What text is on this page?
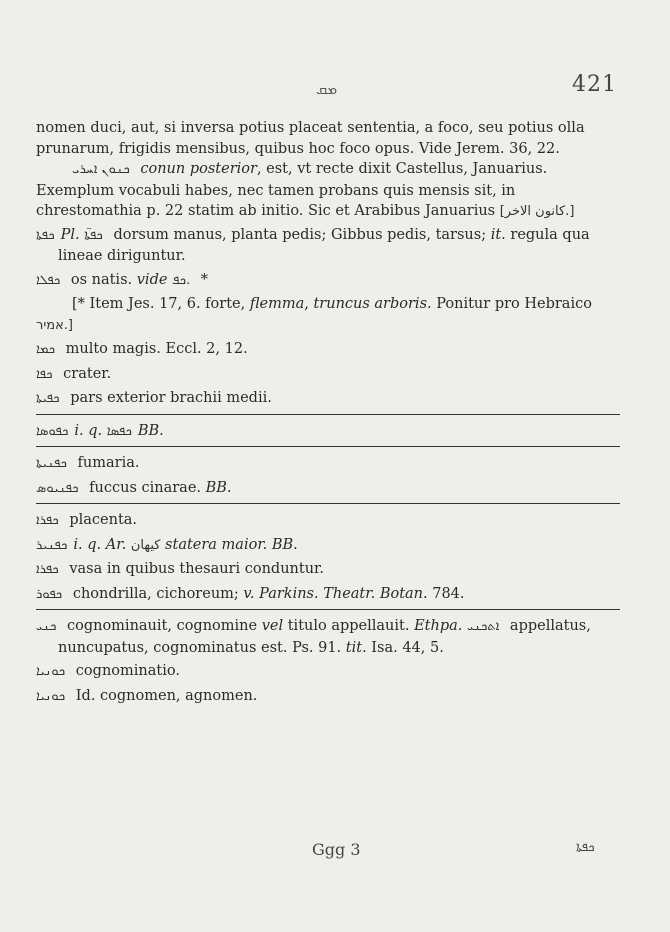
ܡܩ	421

nomen duci, aut, si inversa potius placeat sententia, a foco, seu potius olla prunarum, frigidis mensibus, quibus hoc foco opus. Vide Jerem. 36, 22.

ܟܢܘܢ ܐܚܪܝ conun posterior, est, vt recte dixit Castellus, Januarius. Exemplum vocabuli habes, nec tamen probans quis mensis sit, in chrestomathia p. 22 statim ab initio. Sic et Arabibus Januarius [كانون الاخر.]

ܟܦܬܐ Pl. ܟܦܬ̈ܐ dorsum manus, planta pedis; Gibbus pedis, tarsus; it. regula qua lineae diriguntur.

ܟܦܠܐ os natis. vide ܟܦ. *

[* Item Jes. 17, 6. forte, flemma, truncus arboris. Ponitur pro Hebraico אמיר.]

ܟܡܐ multo magis. Eccl. 2, 12.

ܟܦܐ crater.

ܟܦܝܬܐ pars exterior brachii medii.

ܟܦܘܣܐ i. q. ܟܦܣܐ BB.

ܟܦܢܝܬܐ fumaria.

ܟܦܢܝܘܣ fuccus cinarae. BB.

ܟܦܪܐ placenta.

ܟܦܢܝܪ i. q. Ar. كيهان statera maior. BB.

ܟܦܪܐ vasa in quibus thesauri conduntur.

ܟܦܘܪ chondrilla, cichoreum; v. Parkins. Theatr. Botan. 784.

ܟܢܝ cognominauit, cognomine vel titulo appellauit. Ethpa. ܐܬܟܢܝ appellatus, nuncupatus, cognominatus est. Ps. 91. tit. Isa. 44, 5.

ܟܘܢܝܐ cognominatio.

ܟܘܢܝܐ Id. cognomen, agnomen.

Ggg 3	ܟܦܬܐ
